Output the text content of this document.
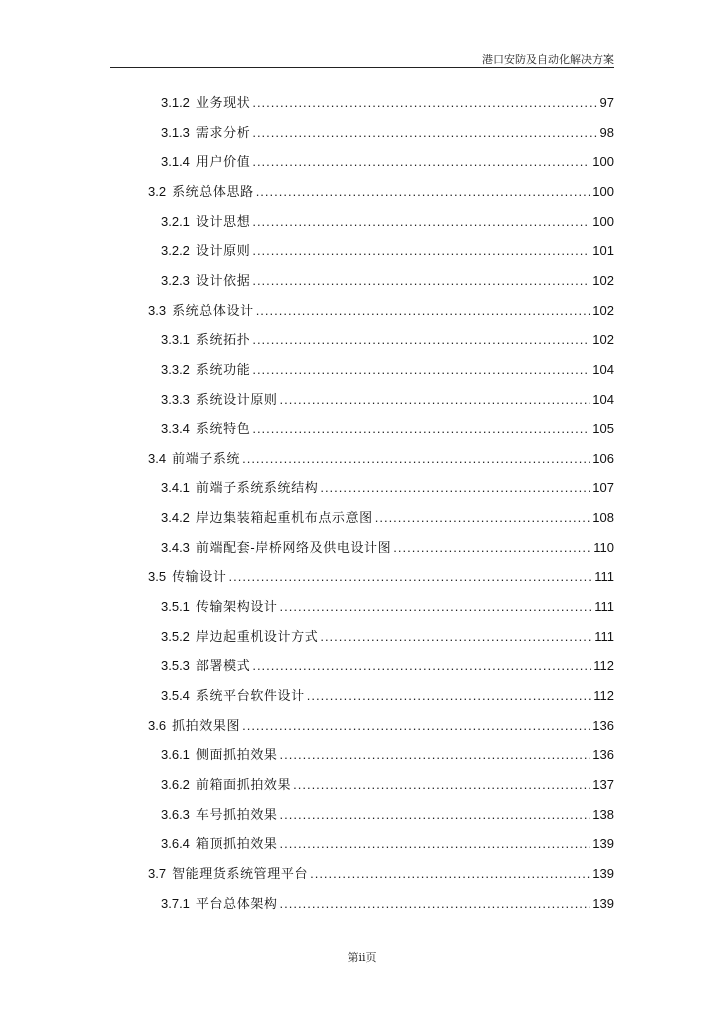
港口安防及自动化解决方案
3.1.2 业务现状 .....	97
3.1.3 需求分析 .....	98
3.1.4 用户价值 .....	100
3.2 系统总体思路 .....	100
3.2.1 设计思想 .....	100
3.2.2 设计原则 .....	101
3.2.3 设计依据 .....	102
3.3 系统总体设计 .....	102
3.3.1 系统拓扑 .....	102
3.3.2 系统功能 .....	104
3.3.3 系统设计原则 .....	104
3.3.4 系统特色 .....	105
3.4 前端子系统 .....	106
3.4.1 前端子系统系统结构 .....	107
3.4.2 岸边集装箱起重机布点示意图 .....	108
3.4.3 前端配套-岸桥网络及供电设计图 .....	110
3.5 传输设计 .....	111
3.5.1 传输架构设计 .....	111
3.5.2 岸边起重机设计方式 .....	111
3.5.3 部署模式 .....	112
3.5.4 系统平台软件设计 .....	112
3.6 抓拍效果图 .....	136
3.6.1 侧面抓拍效果 .....	136
3.6.2 前箱面抓拍效果 .....	137
3.6.3 车号抓拍效果 .....	138
3.6.4 箱顶抓拍效果 .....	139
3.7 智能理货系统管理平台 .....	139
3.7.1 平台总体架构 .....	139
第ii页
